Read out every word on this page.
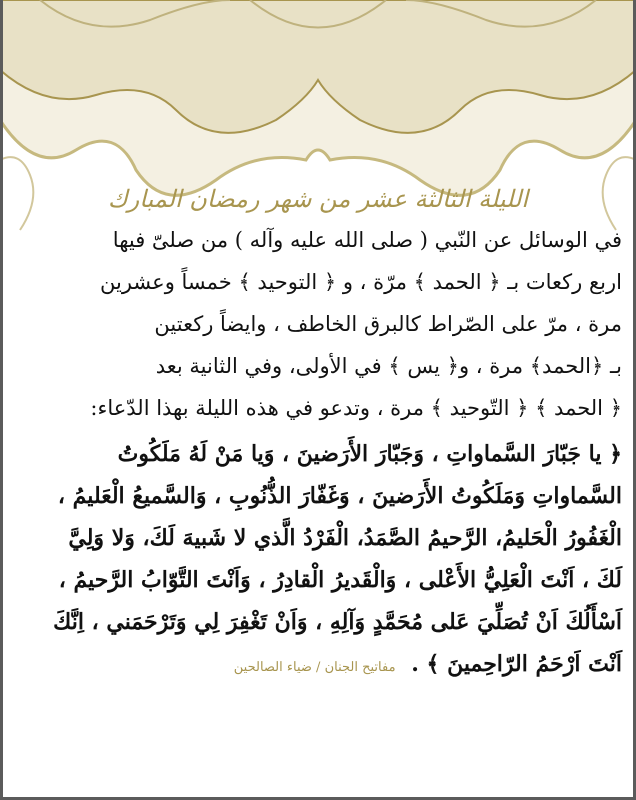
الليلة الثالثة عشر من شهر رمضان المبارك

في الوسائل عن النّبي ( صلى الله عليه وآله ) من صلىّ فيها

اربع ركعات بـ ﴿ الحمد ﴾ مرّة ، و ﴿ التوحيد ﴾ خمساً وعشرين

مرة ، مرّ على الصّراط كالبرق الخاطف ، وايضاً ركعتين

بـ ﴿الحمد﴾ مرة ، و﴿ يس ﴾ في الأولى، وفي الثانية بعد

﴿ الحمد ﴾ ﴿ التّوحيد ﴾ مرة ، وتدعو في هذه الليلة بهذا الدّعاء:

﴿ يا جَبّارَ السَّماواتِ ، وَجَبّارَ الأَرَضينَ ، وَيا مَنْ لَهُ مَلَكُوتُ

السَّماواتِ وَمَلَكُوتُ الأَرَضينَ ، وَغَفّارَ الذُّنُوبِ ، وَالسَّميعُ الْعَليمُ ،

الْغَفُورُ الْحَليمُ، الرَّحيمُ الصَّمَدُ، الْفَرْدُ الَّذي لا شَبيهَ لَكَ، وَلا وَلِيَّ

لَكَ ، اَنْتَ الْعَلِيُّ الأَعْلى ، وَالْقَديرُ الْقادِرُ ، وَاَنْتَ التَّوّابُ الرَّحيمُ ،

اَسْأَلُكَ اَنْ تُصَلِّيَ عَلى مُحَمَّدٍ وَآلِهِ ، وَاَنْ تَغْفِرَ لِي وَتَرْحَمَني ، اِنَّكَ

اَنْتَ اَرْحَمُ الرّاحِمينَ ﴾ . مفاتيح الجنان / ضياء الصالحين
